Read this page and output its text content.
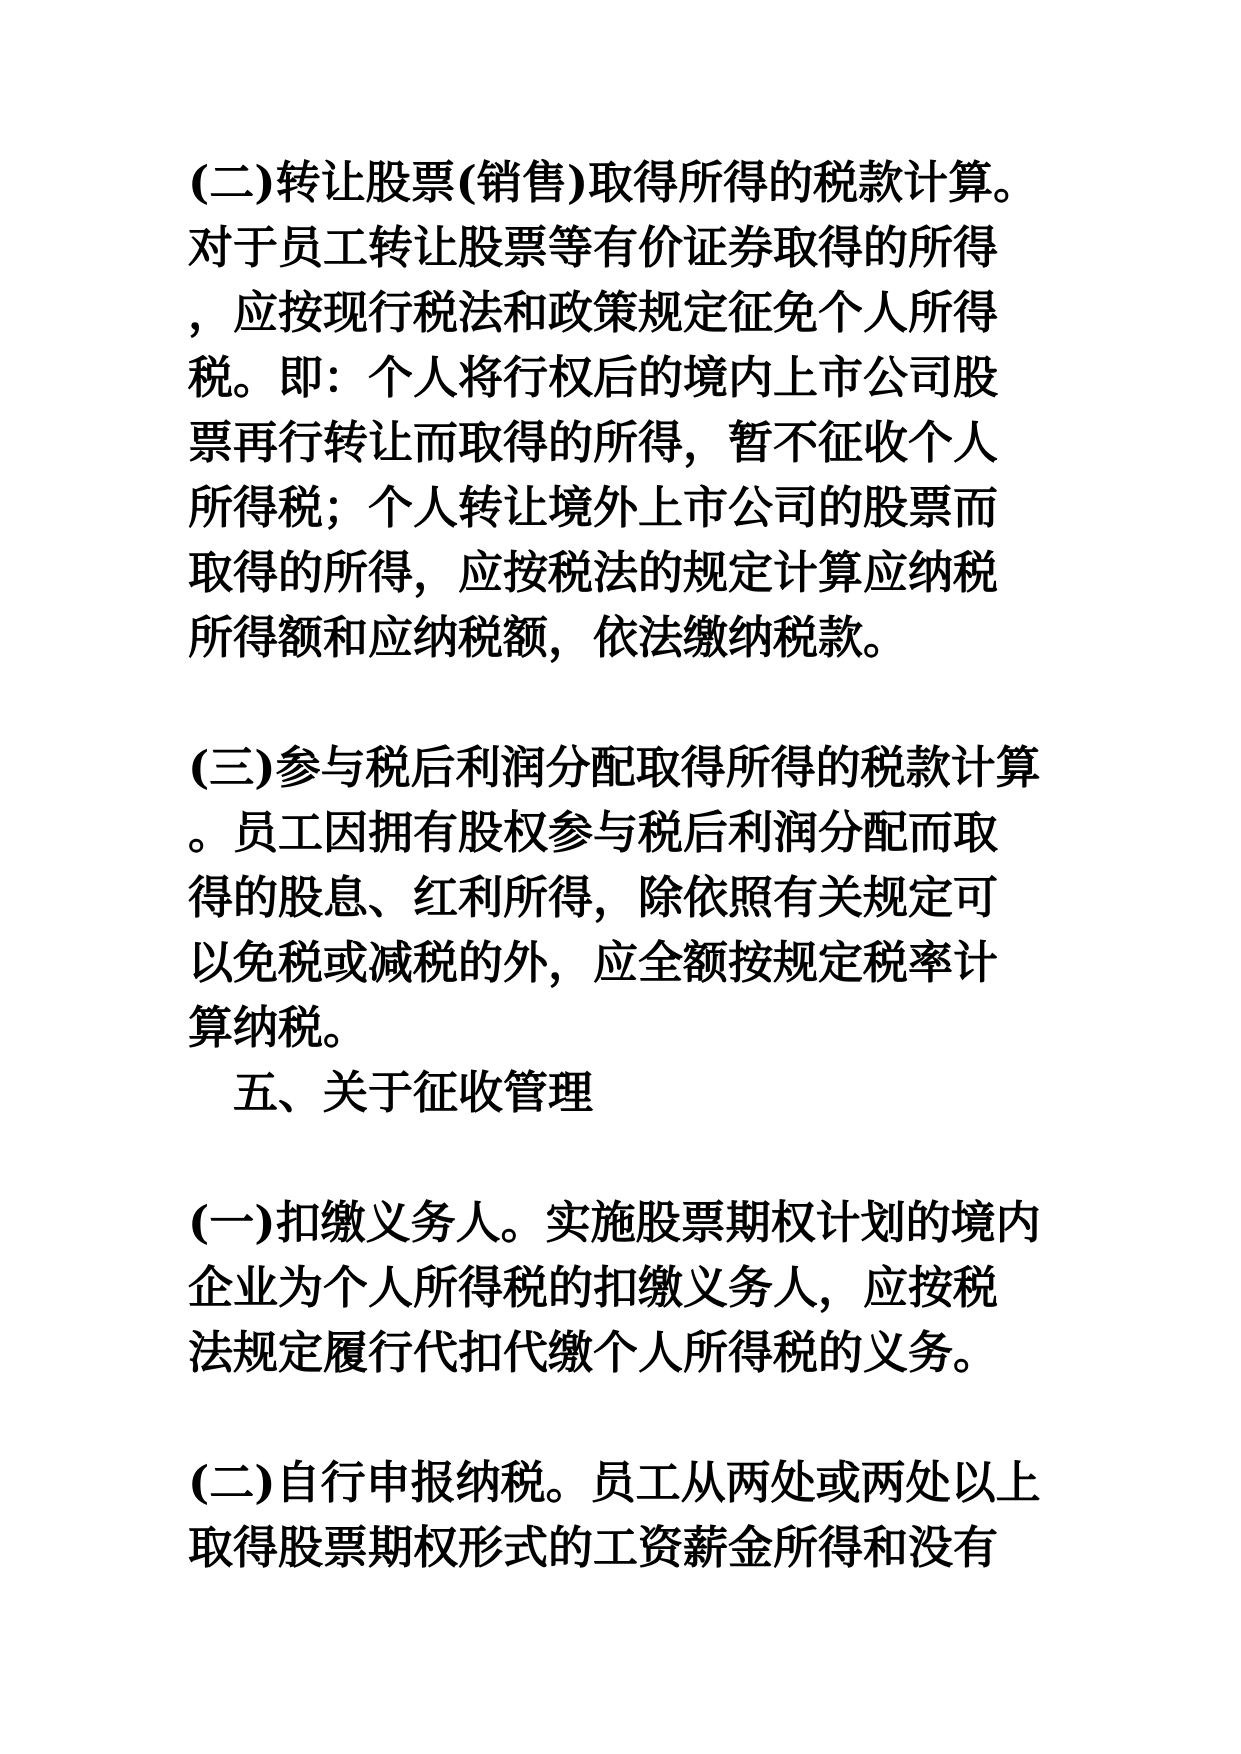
(二)转让股票(销售)取得所得的税款计算。
对于员工转让股票等有价证券取得的所得
，应按现行税法和政策规定征免个人所得
税。即：个人将行权后的境内上市公司股
票再行转让而取得的所得，暂不征收个人
所得税；个人转让境外上市公司的股票而
取得的所得，应按税法的规定计算应纳税
所得额和应纳税额，依法缴纳税款。
(三)参与税后利润分配取得所得的税款计算
。员工因拥有股权参与税后利润分配而取
得的股息、红利所得，除依照有关规定可
以免税或减税的外，应全额按规定税率计
算纳税。
五、关于征收管理
(一)扣缴义务人。实施股票期权计划的境内
企业为个人所得税的扣缴义务人，应按税
法规定履行代扣代缴个人所得税的义务。
(二)自行申报纳税。员工从两处或两处以上
取得股票期权形式的工资薪金所得和没有
